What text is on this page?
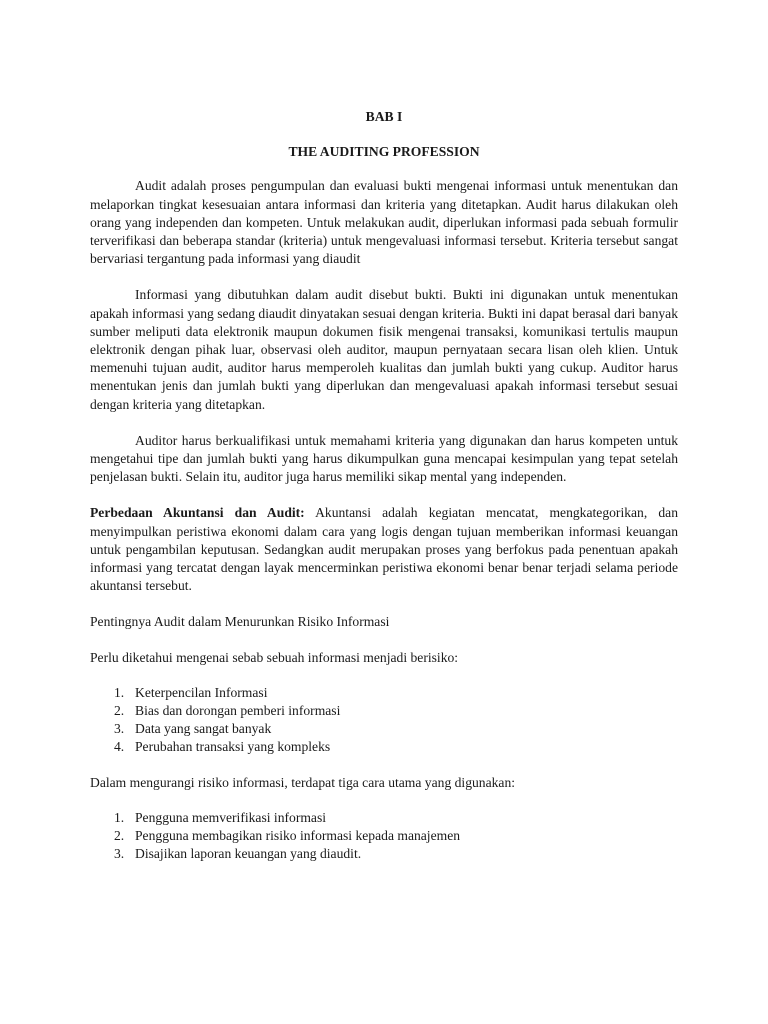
BAB I

THE AUDITING PROFESSION

Audit adalah proses pengumpulan dan evaluasi bukti mengenai informasi untuk menentukan dan melaporkan tingkat kesesuaian antara informasi dan kriteria yang ditetapkan. Audit harus dilakukan oleh orang yang independen dan kompeten. Untuk melakukan audit, diperlukan informasi pada sebuah formulir terverifikasi dan beberapa standar (kriteria) untuk mengevaluasi informasi tersebut. Kriteria tersebut sangat bervariasi tergantung pada informasi yang diaudit

Informasi yang dibutuhkan dalam audit disebut bukti. Bukti ini digunakan untuk menentukan apakah informasi yang sedang diaudit dinyatakan sesuai dengan kriteria. Bukti ini dapat berasal dari banyak sumber meliputi data elektronik maupun dokumen fisik mengenai transaksi, komunikasi tertulis maupun elektronik dengan pihak luar, observasi oleh auditor, maupun pernyataan secara lisan oleh klien. Untuk memenuhi tujuan audit, auditor harus memperoleh kualitas dan jumlah bukti yang cukup. Auditor harus menentukan jenis dan jumlah bukti yang diperlukan dan mengevaluasi apakah informasi tersebut sesuai dengan kriteria yang ditetapkan.

Auditor harus berkualifikasi untuk memahami kriteria yang digunakan dan harus kompeten untuk mengetahui tipe dan jumlah bukti yang harus dikumpulkan guna mencapai kesimpulan yang tepat setelah penjelasan bukti. Selain itu, auditor juga harus memiliki sikap mental yang independen.

Perbedaan Akuntansi dan Audit: Akuntansi adalah kegiatan mencatat, mengkategorikan, dan menyimpulkan peristiwa ekonomi dalam cara yang logis dengan tujuan memberikan informasi keuangan untuk pengambilan keputusan. Sedangkan audit merupakan proses yang berfokus pada penentuan apakah informasi yang tercatat dengan layak mencerminkan peristiwa ekonomi benar benar terjadi selama periode akuntansi tersebut.

Pentingnya Audit dalam Menurunkan Risiko Informasi

Perlu diketahui mengenai sebab sebuah informasi menjadi berisiko:

1. Keterpencilan Informasi
2. Bias dan dorongan pemberi informasi
3. Data yang sangat banyak
4. Perubahan transaksi yang kompleks

Dalam mengurangi risiko informasi, terdapat tiga cara utama yang digunakan:

1. Pengguna memverifikasi informasi
2. Pengguna membagikan risiko informasi kepada manajemen
3. Disajikan laporan keuangan yang diaudit.
